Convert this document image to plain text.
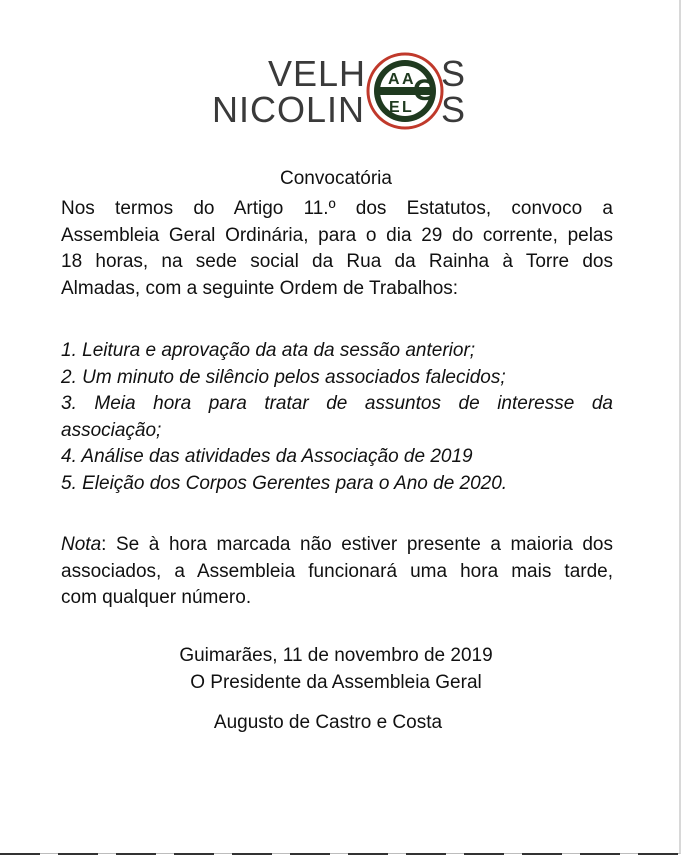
VELH S
NICOLIN S
A A
E L
G
Convocatória
Nos termos do Artigo 11.º dos Estatutos, convoco a
Assembleia Geral Ordinária, para o dia 29 do corrente, pelas
18 horas, na sede social da Rua da Rainha à Torre dos
Almadas, com a seguinte Ordem de Trabalhos:
1. Leitura e aprovação da ata da sessão anterior;
2. Um minuto de silêncio pelos associados falecidos;
3. Meia hora para tratar de assuntos de interesse da
associação;
4. Análise das atividades da Associação de 2019
5. Eleição dos Corpos Gerentes para o Ano de 2020.
Nota: Se à hora marcada não estiver presente a maioria dos
associados, a Assembleia funcionará uma hora mais tarde,
com qualquer número.
Guimarães, 11 de novembro de 2019
O Presidente da Assembleia Geral
Augusto de Castro e Costa
